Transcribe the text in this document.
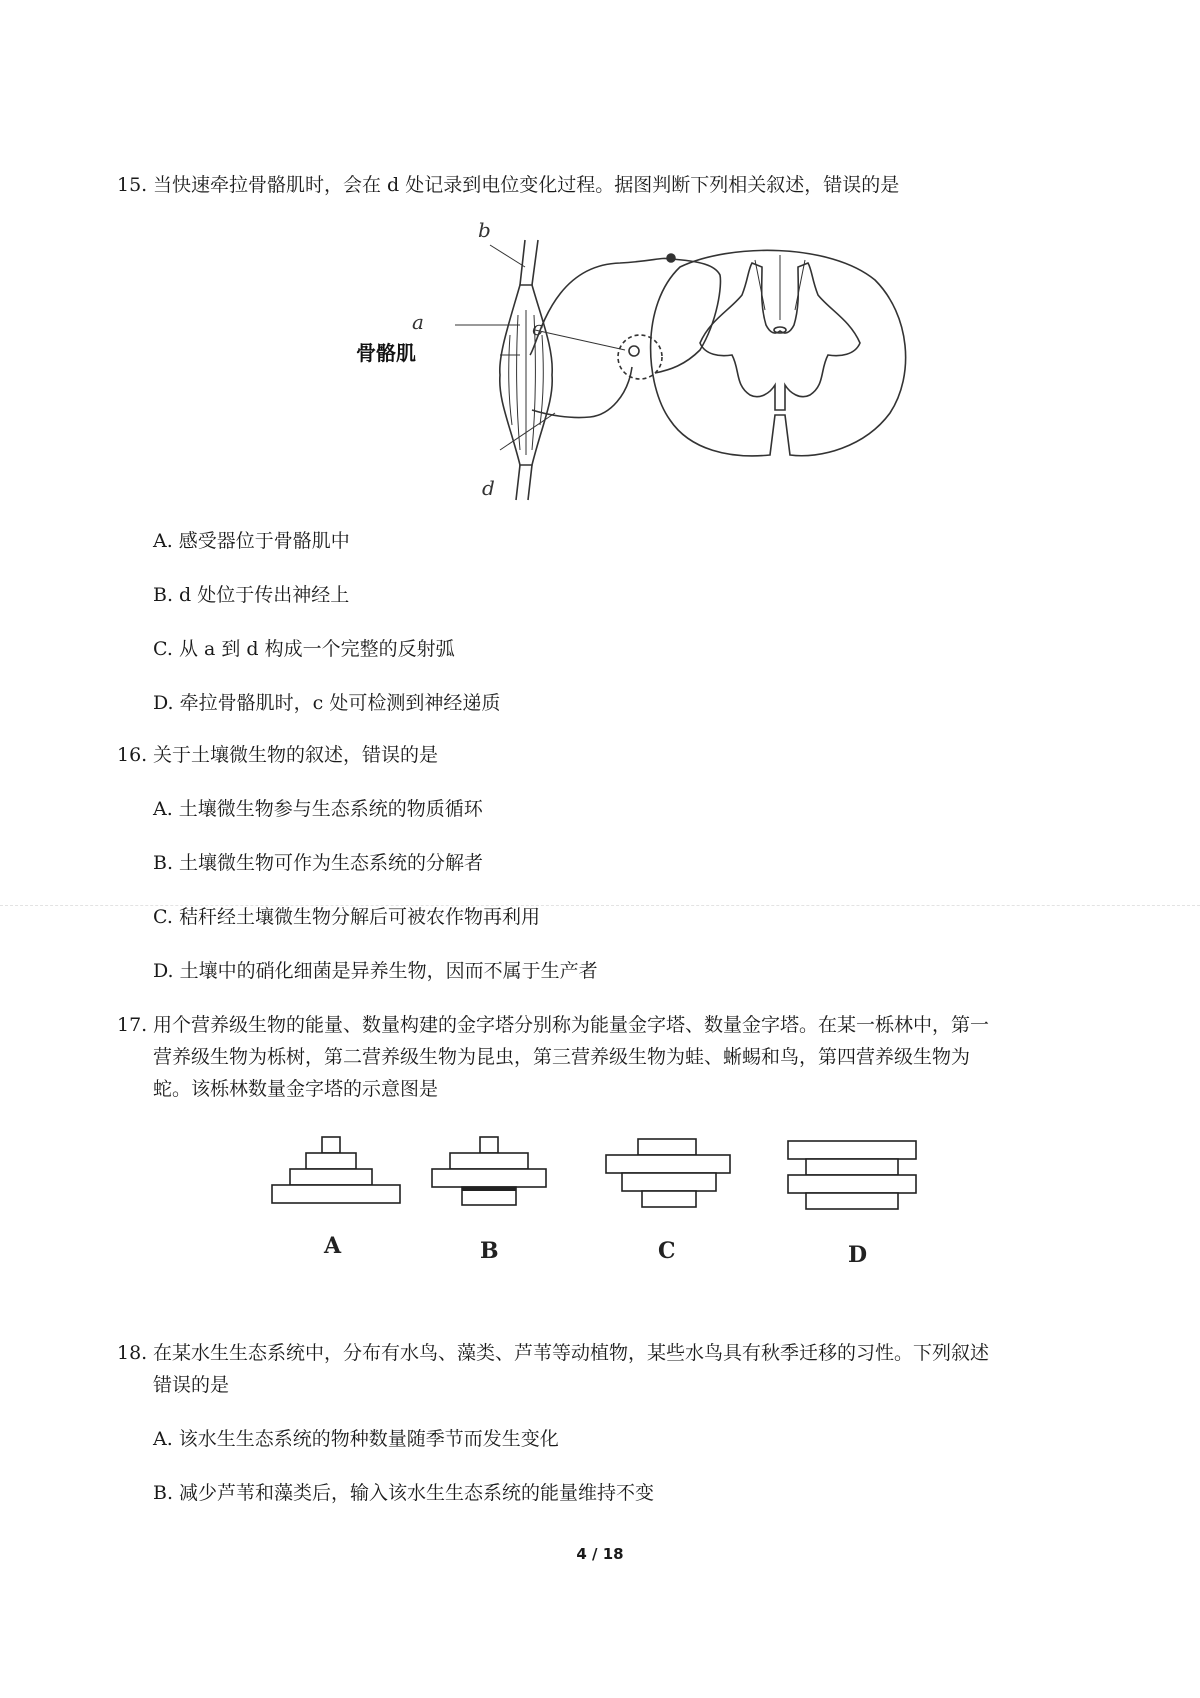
15. 当快速牵拉骨骼肌时，会在 d 处记录到电位变化过程。据图判断下列相关叙述，错误的是
b
a	c
d
骨骼肌
A. 感受器位于骨骼肌中
B. d 处位于传出神经上
C. 从 a 到 d 构成一个完整的反射弧
D. 牵拉骨骼肌时，c 处可检测到神经递质
16. 关于土壤微生物的叙述，错误的是
A. 土壤微生物参与生态系统的物质循环
B. 土壤微生物可作为生态系统的分解者
C. 秸秆经土壤微生物分解后可被农作物再利用
D. 土壤中的硝化细菌是异养生物，因而不属于生产者
17. 用个营养级生物的能量、数量构建的金字塔分别称为能量金字塔、数量金字塔。在某一栎林中，第一
营养级生物为栎树，第二营养级生物为昆虫，第三营养级生物为蛙、蜥蜴和鸟，第四营养级生物为
蛇。该栎林数量金字塔的示意图是
A	B	C	D
18. 在某水生生态系统中，分布有水鸟、藻类、芦苇等动植物，某些水鸟具有秋季迁移的习性。下列叙述
错误的是
A. 该水生生态系统的物种数量随季节而发生变化
B. 减少芦苇和藻类后，输入该水生生态系统的能量维持不变
4 / 18
